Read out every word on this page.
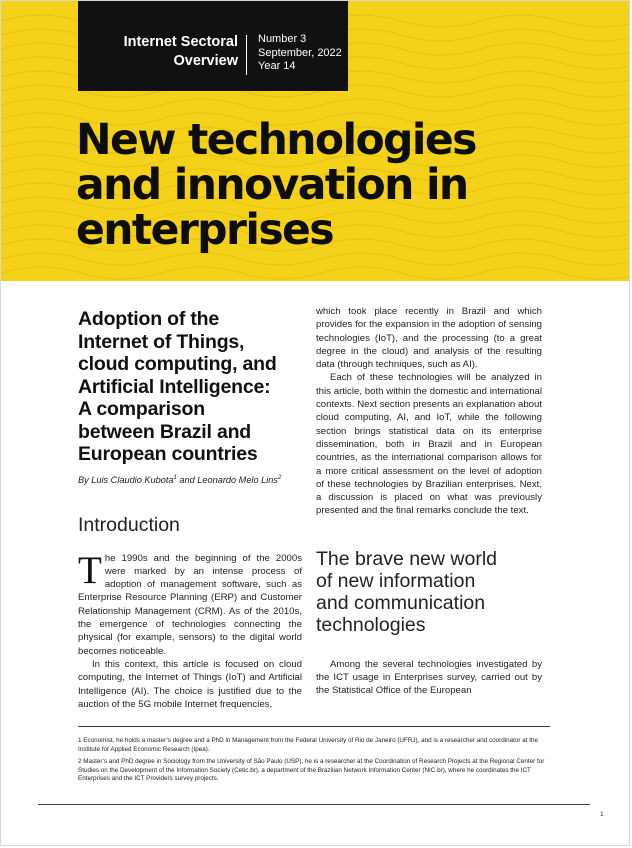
Internet Sectoral
Overview
Number 3
September, 2022
Year 14
New technologies
and innovation in
enterprises
Adoption of the
Internet of Things,
cloud computing, and
Artificial Intelligence:
A comparison
between Brazil and
European countries
By Luis Claudio Kubota$^1$ and Leonardo Melo Lins$^2$
Introduction

The 1990s and the beginning of the 2000s were marked by an intense process of adoption of management software, such as Enterprise Resource Planning (ERP) and Customer Relationship Management (CRM). As of the 2010s, the emergence of technologies connecting the physical (for example, sensors) to the digital world becomes noticeable.

In this context, this article is focused on cloud computing, the Internet of Things (IoT) and Artificial Intelligence (AI). The choice is justified due to the auction of the 5G mobile Internet frequencies,

which took place recently in Brazil and which provides for the expansion in the adoption of sensing technologies (IoT), and the processing (to a great degree in the cloud) and analysis of the resulting data (through techniques, such as AI).

Each of these technologies will be analyzed in this article, both within the domestic and international contexts. Next section presents an explanation about cloud computing, AI, and IoT, while the following section brings statistical data on its enterprise dissemination, both in Brazil and in European countries, as the international comparison allows for a more critical assessment on the level of adoption of these technologies by Brazilian enterprises. Next, a discussion is placed on what was previously presented and the final remarks conclude the text.

The brave new world
of new information
and communication
technologies

Among the several technologies investigated by the ICT usage in Enterprises survey, carried out by the Statistical Office of the European

1 Economist, he holds a master’s degree and a PhD in Management from the Federal University of Rio de Janeiro (UFRJ), and is a researcher and coordinator at the Institute for Applied Economic Research (Ipea).

2 Master’s and PhD degree in Sociology from the University of São Paulo (USP), he is a researcher at the Coordination of Research Projects at the Regional Center for Studies on the Development of the Information Society (Cetic.br), a department of the Brazilian Network Information Center (NIC.br), where he coordinates the ICT Enterprises and the ICT Providers survey projects.

1
